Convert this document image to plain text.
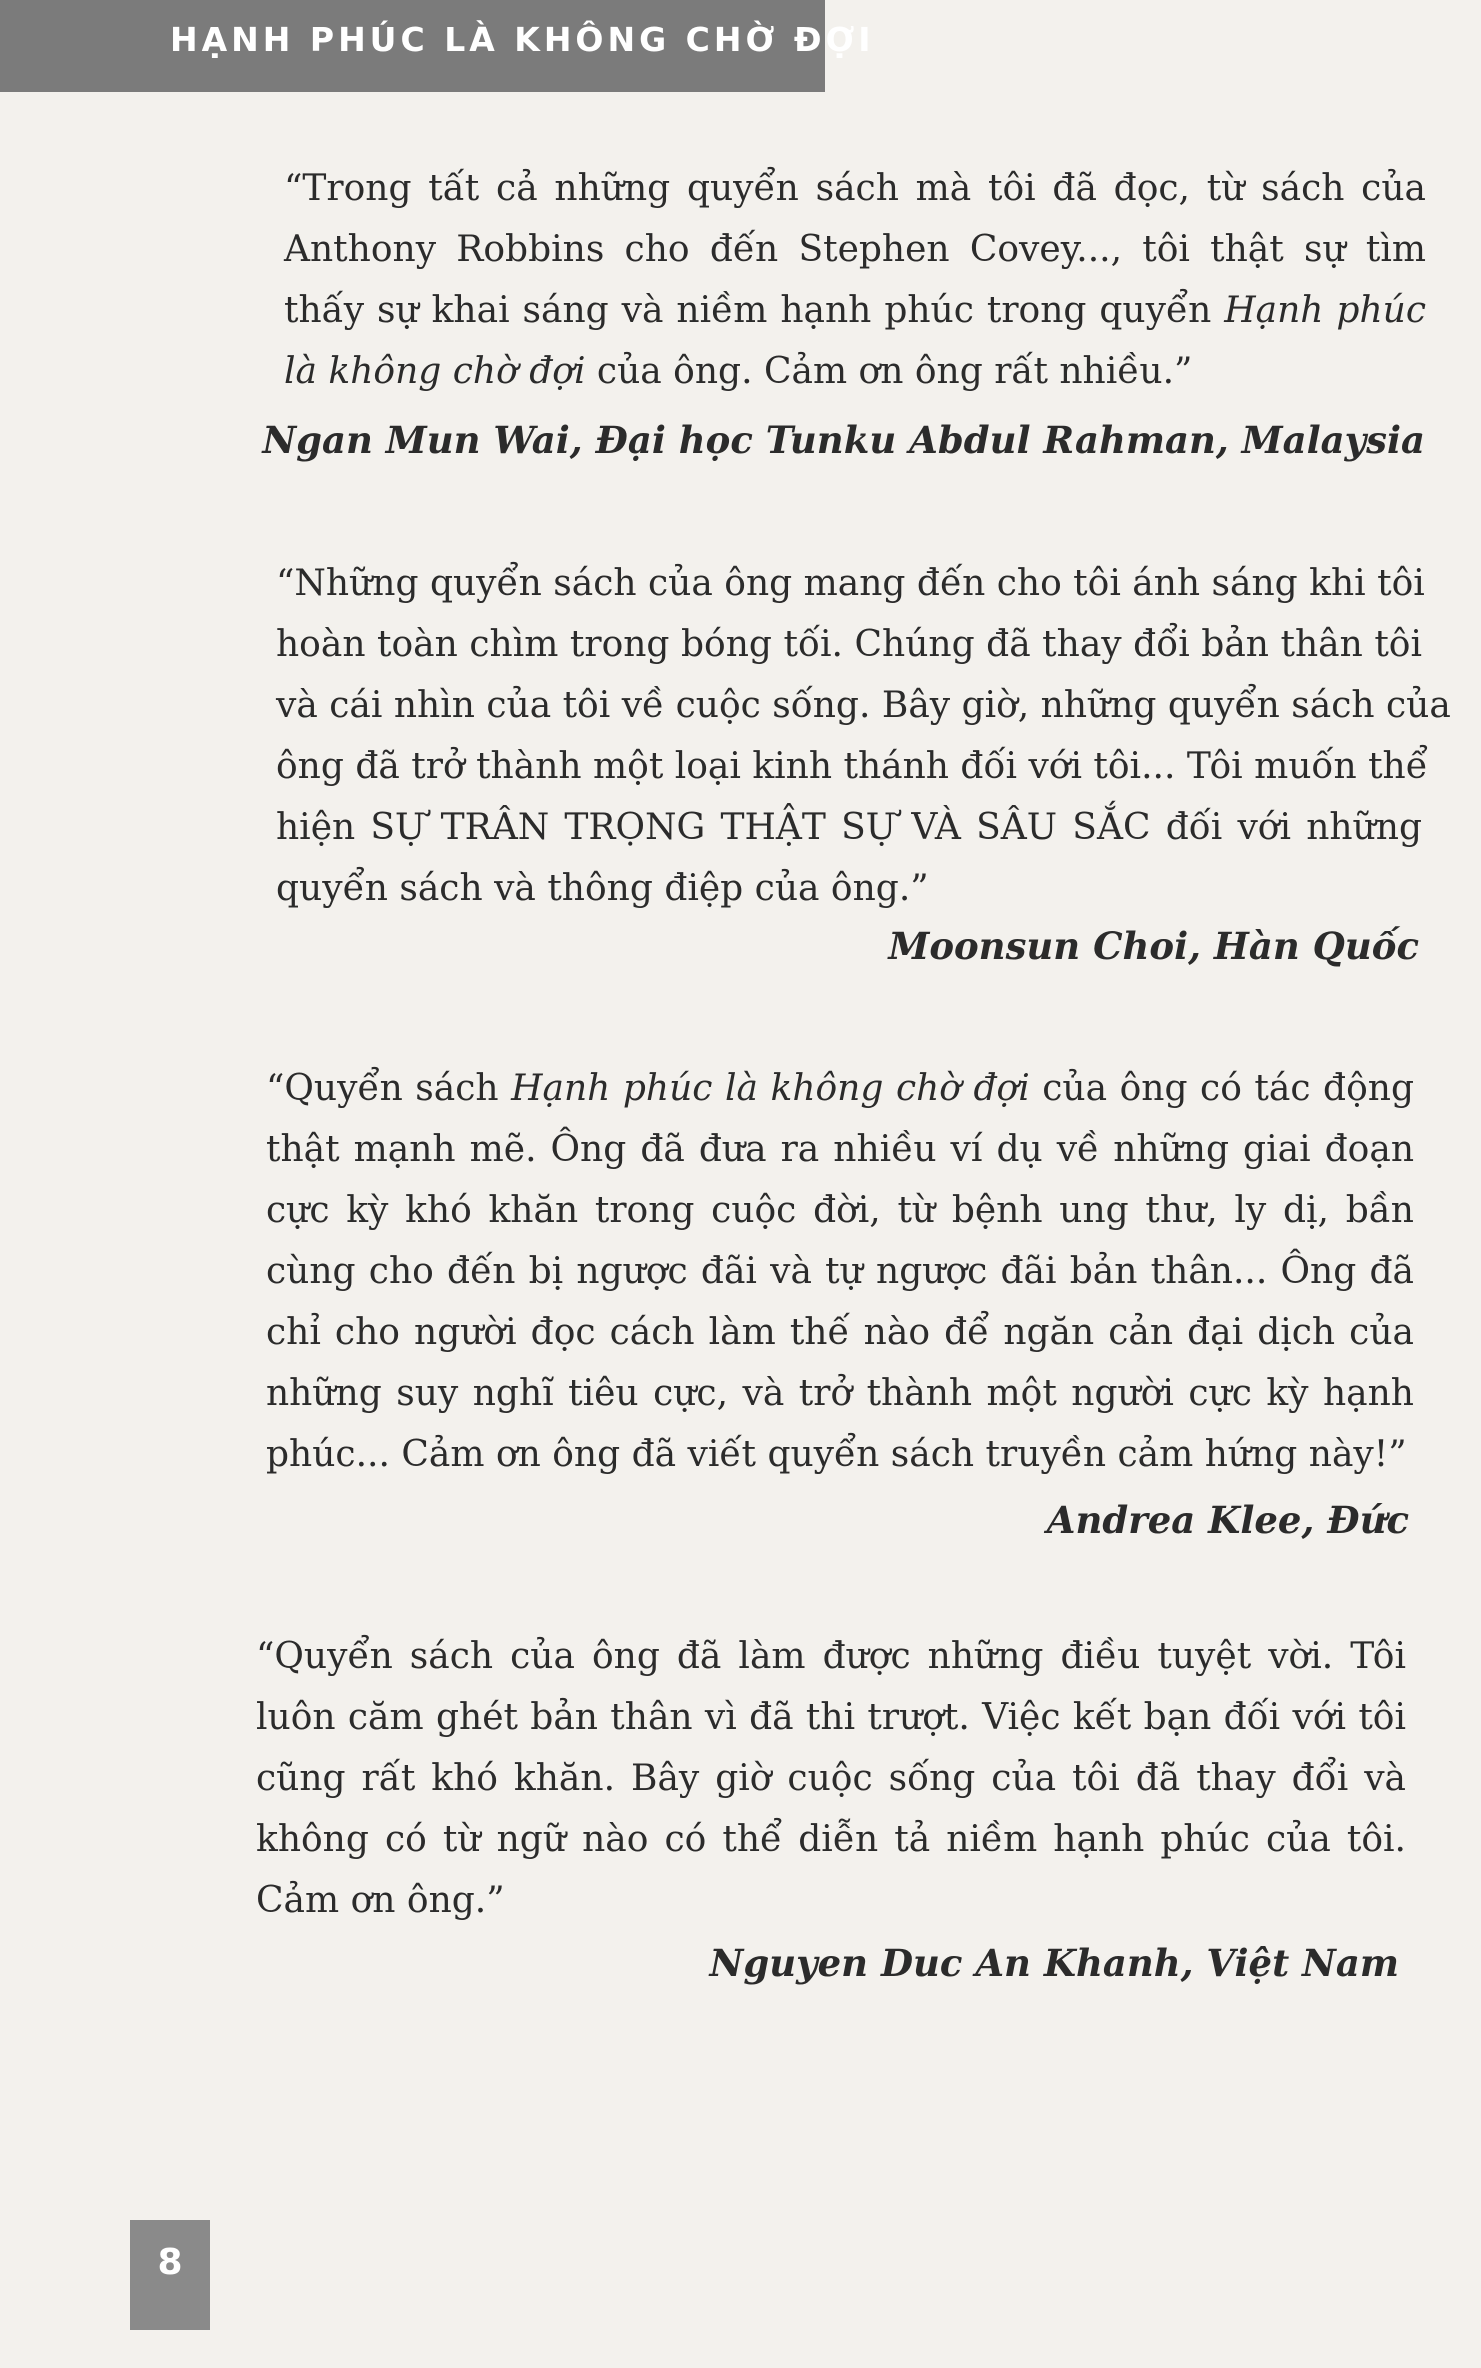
HẠNH PHÚC LÀ KHÔNG CHỜ ĐỢI
“Trong tất cả những quyển sách mà tôi đã đọc, từ sách của
Anthony Robbins cho đến Stephen Covey..., tôi thật sự tìm
thấy sự khai sáng và niềm hạnh phúc trong quyển Hạnh phúc
là không chờ đợi của ông. Cảm ơn ông rất nhiều.”
Ngan Mun Wai, Đại học Tunku Abdul Rahman, Malaysia
“Những quyển sách của ông mang đến cho tôi ánh sáng khi tôi
hoàn toàn chìm trong bóng tối. Chúng đã thay đổi bản thân tôi
và cái nhìn của tôi về cuộc sống. Bây giờ, những quyển sách của
ông đã trở thành một loại kinh thánh đối với tôi... Tôi muốn thể
hiện SỰ TRÂN TRỌNG THẬT SỰ VÀ SÂU SẮC đối với những
quyển sách và thông điệp của ông.”
Moonsun Choi, Hàn Quốc
“Quyển sách Hạnh phúc là không chờ đợi của ông có tác động
thật mạnh mẽ. Ông đã đưa ra nhiều ví dụ về những giai đoạn
cực kỳ khó khăn trong cuộc đời, từ bệnh ung thư, ly dị, bần
cùng cho đến bị ngược đãi và tự ngược đãi bản thân... Ông đã
chỉ cho người đọc cách làm thế nào để ngăn cản đại dịch của
những suy nghĩ tiêu cực, và trở thành một người cực kỳ hạnh
phúc... Cảm ơn ông đã viết quyển sách truyền cảm hứng này!”
Andrea Klee, Đức
“Quyển sách của ông đã làm được những điều tuyệt vời. Tôi
luôn căm ghét bản thân vì đã thi trượt. Việc kết bạn đối với tôi
cũng rất khó khăn. Bây giờ cuộc sống của tôi đã thay đổi và
không có từ ngữ nào có thể diễn tả niềm hạnh phúc của tôi.
Cảm ơn ông.”
Nguyen Duc An Khanh, Việt Nam
8
